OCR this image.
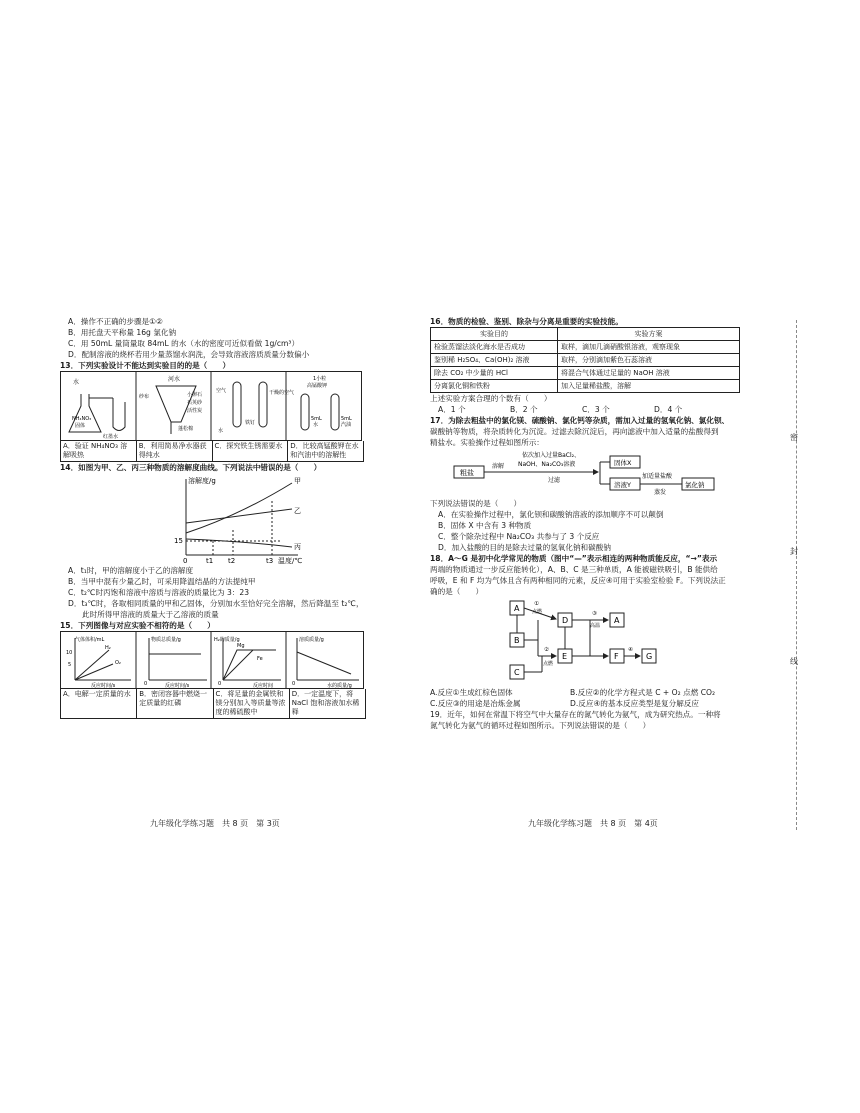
A．操作不正确的步骤是①②
B．用托盘天平称量 16g 氯化钠
C．用 50mL 量筒量取 84mL 的水（水的密度可近似看做 1g/cm³）
D．配制溶液的烧杯若用少量蒸馏水润洗，会导致溶液溶质质量分数偏小
13．下列实验设计不能达到实验目的的是（　　）
水
NH₄NO₃
固体
红墨水
河水
纱布	小卵石
石英砂
活性炭
蓬松棉
空气
水
铁钉
干燥的空气
1小粒
高锰酸钾
5mL
水
5mL
汽油
A．验证 NH₄NO₃ 溶解吸热
B．利用简易净水器获得纯水
C．探究铁生锈需要水	D．比较高锰酸钾在水和汽油中的溶解性
14．如图为甲、乙、丙三种物质的溶解度曲线。下列说法中错误的是（　　）
溶解度/g	甲
乙
丙
15
0	t1 t2	t3 温度/℃
A．t₁时，甲的溶解度小于乙的溶解度
B．当甲中混有少量乙时，可采用降温结晶的方法提纯甲
C．t₂℃时丙饱和溶液中溶质与溶液的质量比为 3：23
D．t₃℃时，各取相同质量的甲和乙固体，分别加水至恰好完全溶解，然后降温至 t₂℃，
此时所得甲溶液的质量大于乙溶液的质量
15．下列图像与对应实验不相符的是（　　）
气体体积/mL
H₂
O₂
10
5
反应时间/s
物质总质量/g
0	反应时间/s
H₂的质量/g
Mg
Fe
0	反应时间
溶质质量/g
0	水的质量/g
A．电解一定质量的水	B．密闭容器中燃烧一定质量的红磷
C．将足量的金属铁和镁分别加入等质量等浓度的稀硫酸中
D．一定温度下，将 NaCl 饱和溶液加水稀释
九年级化学练习题　共 8 页　第 3页
16．物质的检验、鉴别、除杂与分离是重要的实验技能。
实验目的	实验方案
检验蒸馏法淡化海水是否成功	取样，滴加几滴硝酸银溶液，观察现象
鉴别稀 H₂SO₄、Ca(OH)₂ 溶液	取样，分别滴加紫色石蕊溶液
除去 CO₂ 中少量的 HCl	将混合气体通过足量的 NaOH 溶液
分离氯化铜和铁粉	加入足量稀盐酸，溶解
上述实验方案合理的个数有（　　）
A．1 个	B．2 个	C．3 个	D．4 个
17．为除去粗盐中的氯化镁、硫酸钠、氯化钙等杂质，需加入过量的氢氧化钠、氯化钡、
碳酸钠等物质，将杂质转化为沉淀。过滤去除沉淀后，再向滤液中加入适量的盐酸得到
精盐水。实验操作过程如图所示：
粗盐
溶解
依次加入过量BaCl₂、
NaOH、Na₂CO₃溶液
过滤
固体X
溶液Y
加适量盐酸
蒸发
氯化钠
下列说法错误的是（　　）
A．在实验操作过程中，氯化钡和碳酸钠溶液的添加顺序不可以颠倒
B．固体 X 中含有 3 种物质
C．整个除杂过程中 Na₂CO₃ 共参与了 3 个反应
D．加入盐酸的目的是除去过量的氢氧化钠和碳酸钠
18．A～G 是初中化学常见的物质（图中“—”表示相连的两种物质能反应，“→”表示
两端的物质通过一步反应能转化），A、B、C 是三种单质，A 能被磁铁吸引，B 能供给
呼吸，E 和 F 均为气体且含有两种相同的元素，反应④可用于实验室检验 F。下列说法正
确的是（　　）
A
B
C
D
E
A
F	G
①
点燃
②
点燃
③
高温
④
A.反应①生成红棕色固体	B.反应②的化学方程式是 C + O₂ 点燃 CO₂
C.反应③的用途是冶炼金属	D.反应④的基本反应类型是复分解反应
19．近年，如何在常温下将空气中大量存在的氮气转化为氨气，成为研究热点。一种将
氮气转化为氨气的循环过程如图所示。下列说法错误的是（　　）
九年级化学练习题　共 8 页　第 4页
密
封
线
